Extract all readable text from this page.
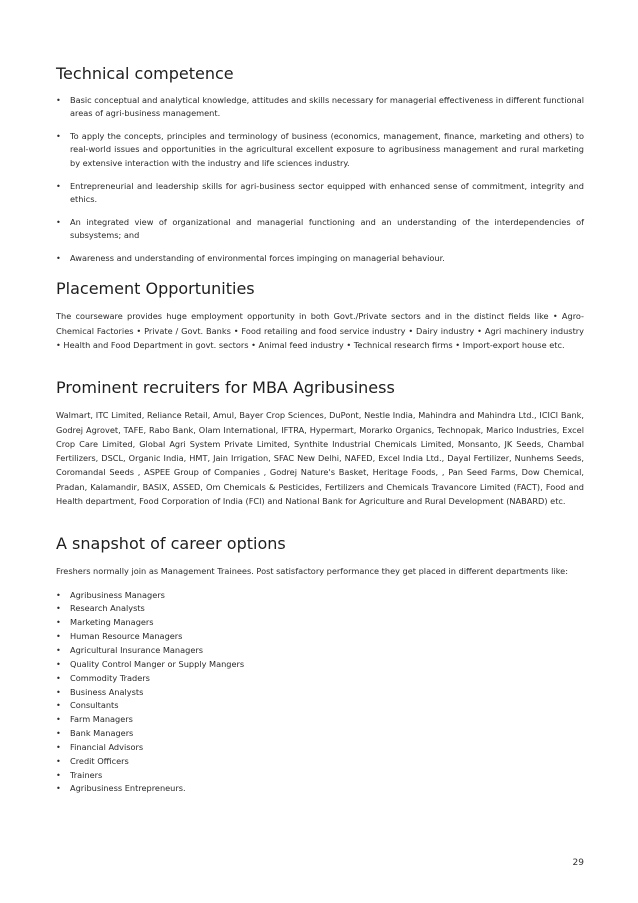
Technical competence
• Basic conceptual and analytical knowledge, attitudes and skills necessary for managerial effectiveness in different functional areas of agri-business management.
• To apply the concepts, principles and terminology of business (economics, management, finance, marketing and others) to real-world issues and opportunities in the agricultural excellent exposure to agribusiness management and rural marketing by extensive interaction with the industry and life sciences industry.
• Entrepreneurial and leadership skills for agri-business sector equipped with enhanced sense of commitment, integrity and ethics.
• An integrated view of organizational and managerial functioning and an understanding of the interdependencies of subsystems; and
• Awareness and understanding of environmental forces impinging on managerial behaviour.
Placement Opportunities

The courseware provides huge employment opportunity in both Govt./Private sectors and in the distinct fields like • Agro-Chemical Factories • Private / Govt. Banks • Food retailing and food service industry • Dairy industry • Agri machinery industry • Health and Food Department in govt. sectors • Animal feed industry • Technical research firms • Import-export house etc.

Prominent recruiters for MBA Agribusiness

Walmart, ITC Limited, Reliance Retail, Amul, Bayer Crop Sciences, DuPont, Nestle India, Mahindra and Mahindra Ltd., ICICI Bank, Godrej Agrovet, TAFE, Rabo Bank, Olam International, IFTRA, Hypermart, Morarko Organics, Technopak, Marico Industries, Excel Crop Care Limited, Global Agri System Private Limited, Synthite Industrial Chemicals Limited, Monsanto, JK Seeds, Chambal Fertilizers, DSCL, Organic India, HMT, Jain Irrigation, SFAC New Delhi, NAFED, Excel India Ltd., Dayal Fertilizer, Nunhems Seeds, Coromandal Seeds , ASPEE Group of Companies , Godrej Nature's Basket, Heritage Foods, , Pan Seed Farms, Dow Chemical, Pradan, Kalamandir, BASIX, ASSED, Om Chemicals & Pesticides, Fertilizers and Chemicals Travancore Limited (FACT), Food and Health department, Food Corporation of India (FCI) and National Bank for Agriculture and Rural Development (NABARD) etc.

A snapshot of career options

Freshers normally join as Management Trainees. Post satisfactory performance they get placed in different departments like:

• Agribusiness Managers
• Research Analysts
• Marketing Managers
• Human Resource Managers
• Agricultural Insurance Managers
• Quality Control Manger or Supply Mangers
• Commodity Traders
• Business Analysts
• Consultants
• Farm Managers
• Bank Managers
• Financial Advisors
• Credit Officers
• Trainers
• Agribusiness Entrepreneurs.
29
